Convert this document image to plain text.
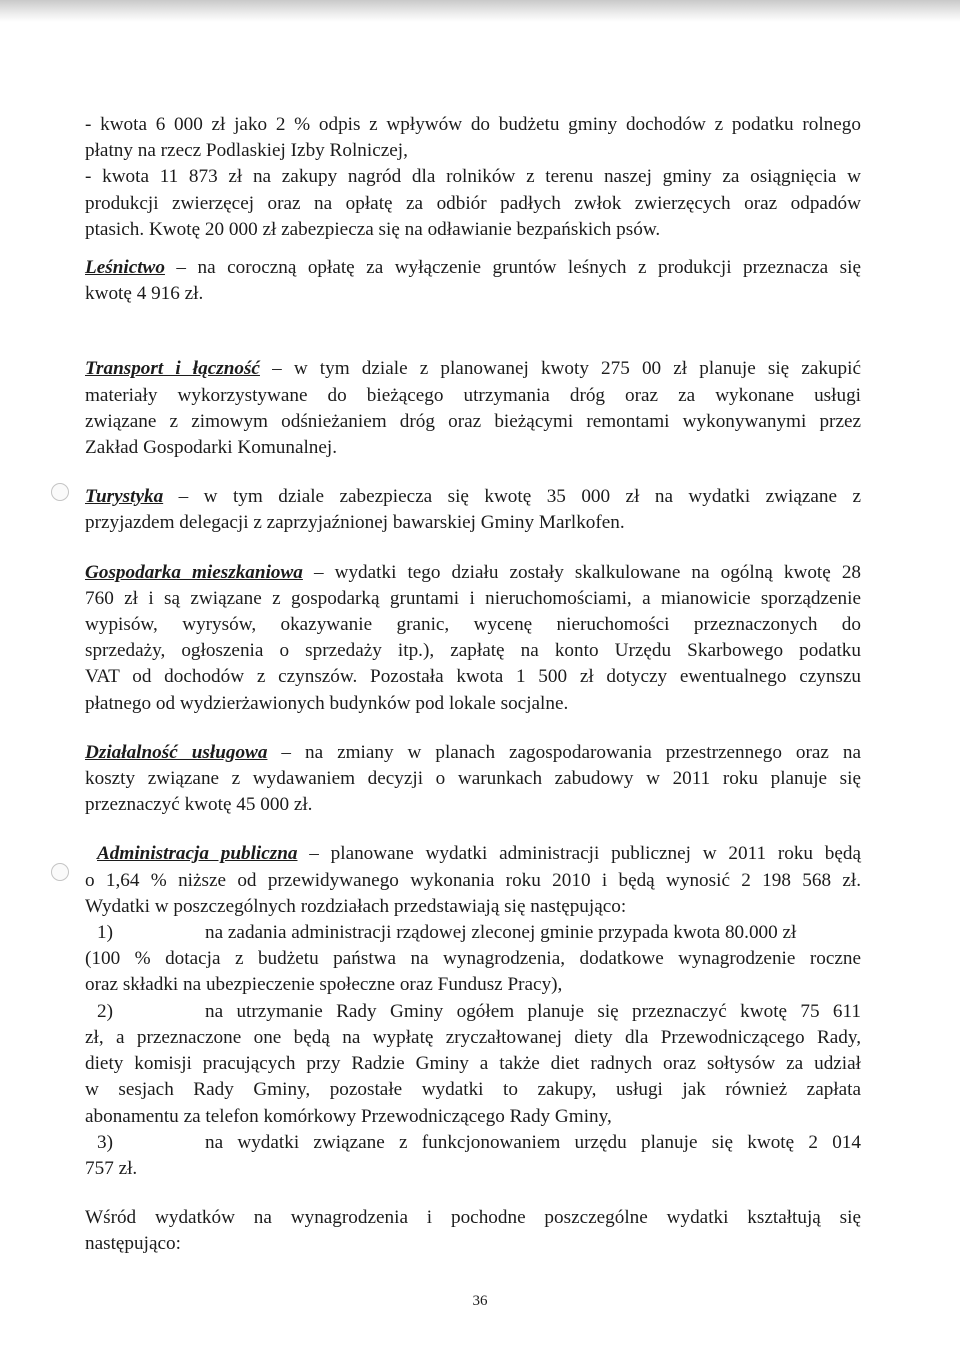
- kwota 6 000 zł jako 2 % odpis z wpływów do budżetu gminy dochodów z podatku rolnego
płatny na rzecz Podlaskiej Izby Rolniczej,
- kwota 11 873 zł na zakupy nagród dla rolników z terenu naszej gminy za osiągnięcia w
produkcji zwierzęcej oraz na opłatę za odbiór padłych zwłok zwierzęcych oraz odpadów
ptasich. Kwotę 20 000 zł zabezpiecza się na odławianie bezpańskich psów.

Leśnictwo – na coroczną opłatę za wyłączenie gruntów leśnych z produkcji przeznacza się
kwotę 4 916 zł.

Transport i łączność – w tym dziale z planowanej kwoty 275 00 zł planuje się zakupić
materiały wykorzystywane do bieżącego utrzymania dróg oraz za wykonane usługi
związane z zimowym odśnieżaniem dróg oraz bieżącymi remontami wykonywanymi przez
Zakład Gospodarki Komunalnej.

Turystyka – w tym dziale zabezpiecza się kwotę 35 000 zł na wydatki związane z
przyjazdem delegacji z zaprzyjaźnionej bawarskiej Gminy Marlkofen.

Gospodarka mieszkaniowa – wydatki tego działu zostały skalkulowane na ogólną kwotę 28
760 zł i są związane z gospodarką gruntami i nieruchomościami, a mianowicie sporządzenie
wypisów, wyrysów, okazywanie granic, wycenę nieruchomości przeznaczonych do
sprzedaży, ogłoszenia o sprzedaży itp.), zapłatę na konto Urzędu Skarbowego podatku
VAT od dochodów z czynszów. Pozostała kwota 1 500 zł dotyczy ewentualnego czynszu
płatnego od wydzierżawionych budynków pod lokale socjalne.

Działalność usługowa – na zmiany w planach zagospodarowania przestrzennego oraz na
koszty związane z wydawaniem decyzji o warunkach zabudowy w 2011 roku planuje się
przeznaczyć kwotę 45 000 zł.

Administracja publiczna – planowane wydatki administracji publicznej w 2011 roku będą
o 1,64 % niższe od przewidywanego wykonania roku 2010 i będą wynosić 2 198 568 zł.
Wydatki w poszczególnych rozdziałach przedstawiają się następująco:
1)	na zadania administracji rządowej zleconej gminie przypada kwota 80.000 zł
(100 % dotacja z budżetu państwa na wynagrodzenia, dodatkowe wynagrodzenie roczne
oraz składki na ubezpieczenie społeczne oraz Fundusz Pracy),
2)	na utrzymanie Rady Gminy ogółem planuje się przeznaczyć kwotę 75 611
zł, a przeznaczone one będą na wypłatę zryczałtowanej diety dla Przewodniczącego Rady,
diety komisji pracujących przy Radzie Gminy a także diet radnych oraz sołtysów za udział
w sesjach Rady Gminy, pozostałe wydatki to zakupy, usługi jak również zapłata
abonamentu za telefon komórkowy Przewodniczącego Rady Gminy,
3)	na wydatki związane z funkcjonowaniem urzędu planuje się kwotę 2 014
757 zł.

Wśród wydatków na wynagrodzenia i pochodne poszczególne wydatki kształtują się
następująco:

36
